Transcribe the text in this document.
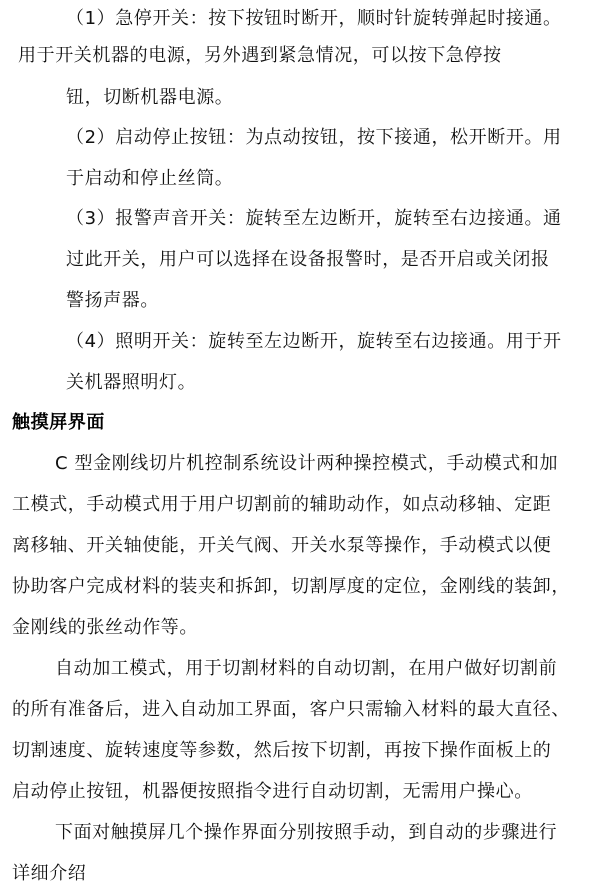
（1）急停开关：按下按钮时断开，顺时针旋转弹起时接通。
用于开关机器的电源，另外遇到紧急情况，可以按下急停按
钮，切断机器电源。
（2）启动停止按钮：为点动按钮，按下接通，松开断开。用
于启动和停止丝筒。
（3）报警声音开关：旋转至左边断开，旋转至右边接通。通
过此开关，用户可以选择在设备报警时，是否开启或关闭报
警扬声器。
（4）照明开关：旋转至左边断开，旋转至右边接通。用于开
关机器照明灯。
触摸屏界面
C 型金刚线切片机控制系统设计两种操控模式，手动模式和加
工模式，手动模式用于用户切割前的辅助动作，如点动移轴、定距
离移轴、开关轴使能，开关气阀、开关水泵等操作，手动模式以便
协助客户完成材料的装夹和拆卸，切割厚度的定位，金刚线的装卸，
金刚线的张丝动作等。
自动加工模式，用于切割材料的自动切割，在用户做好切割前
的所有准备后，进入自动加工界面，客户只需输入材料的最大直径、
切割速度、旋转速度等参数，然后按下切割，再按下操作面板上的
启动停止按钮，机器便按照指令进行自动切割，无需用户操心。
下面对触摸屏几个操作界面分别按照手动，到自动的步骤进行
详细介绍
